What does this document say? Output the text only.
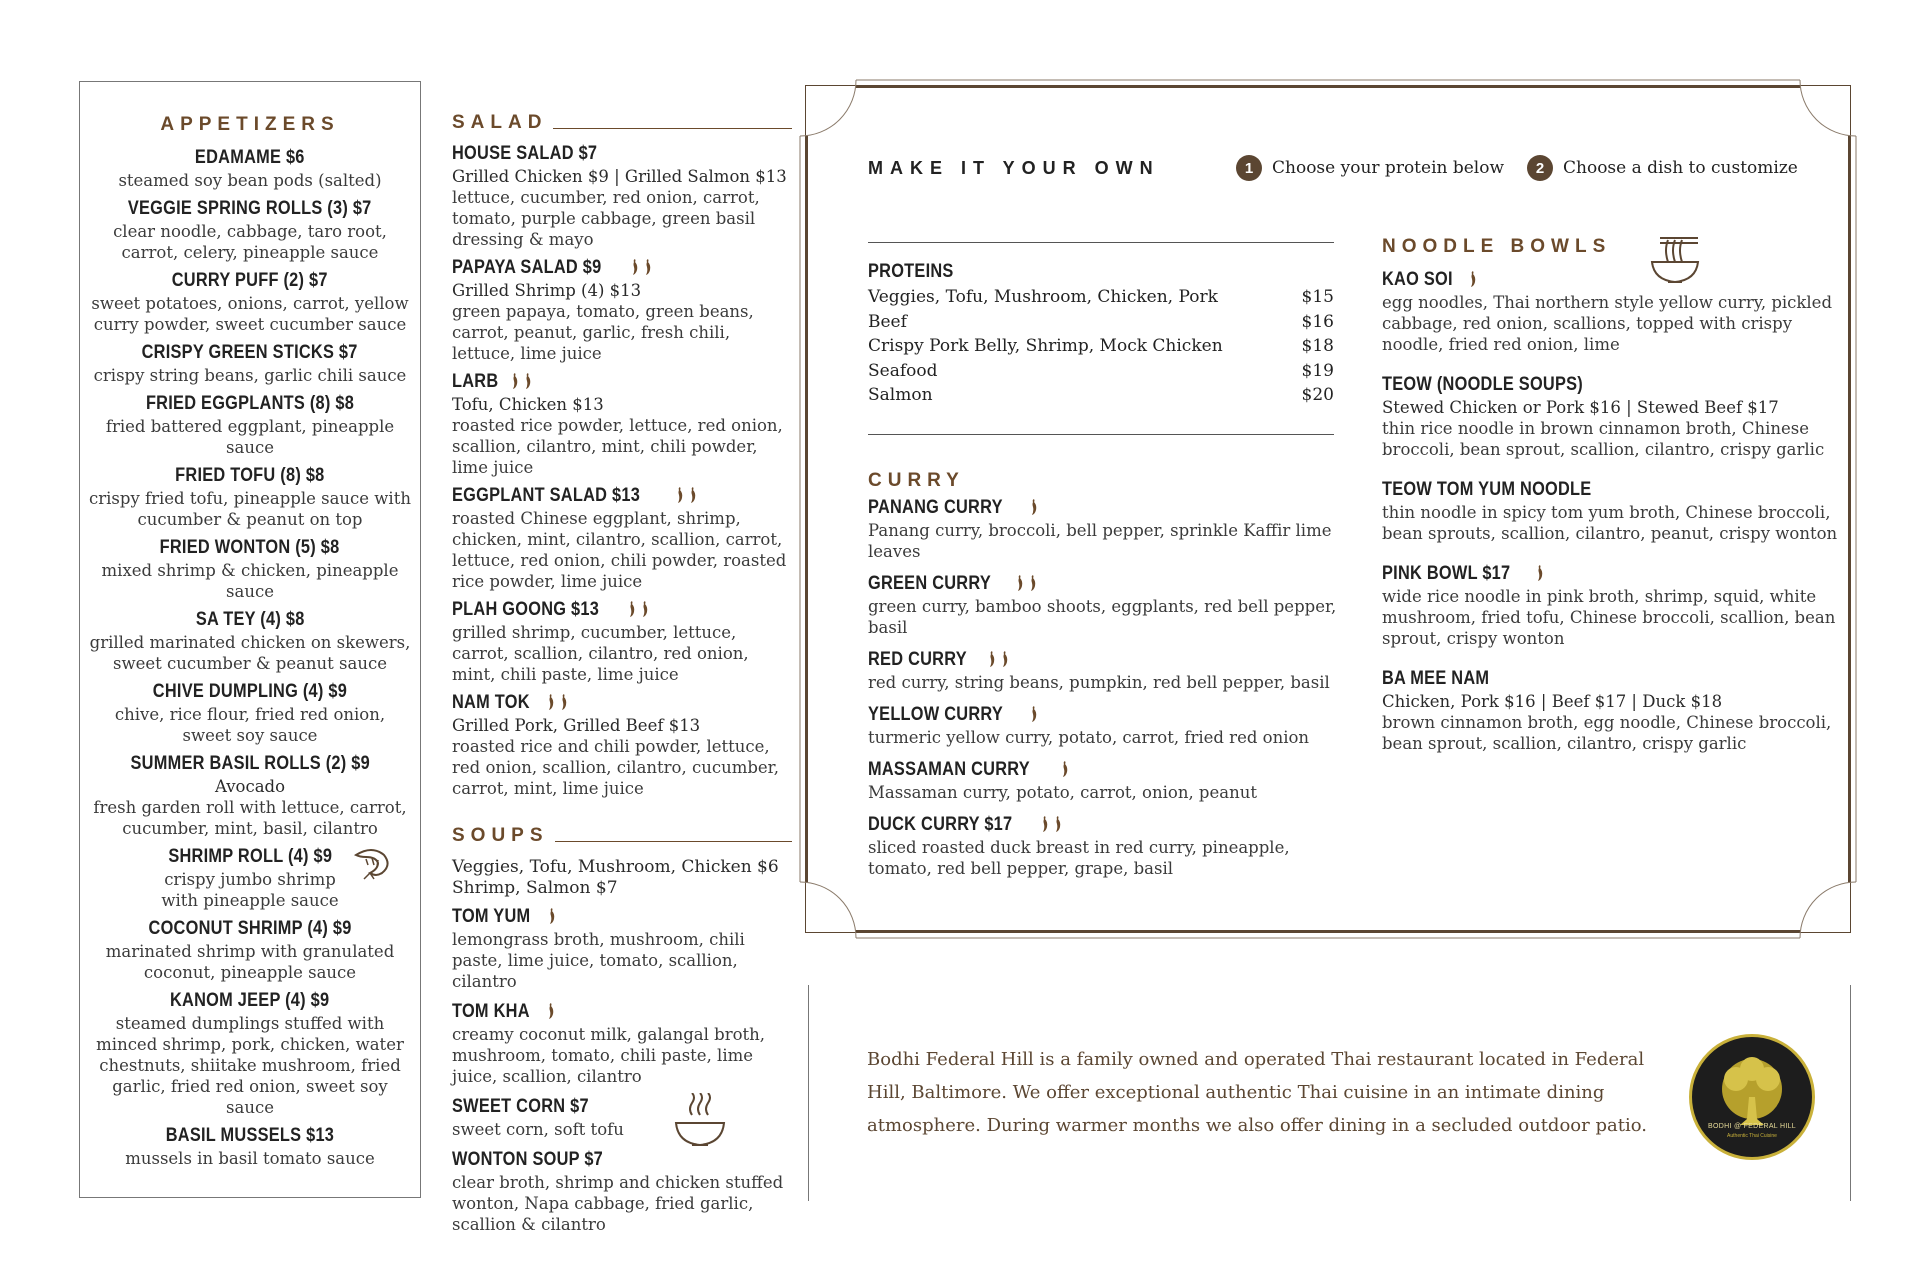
APPETIZERS
EDAMAME $6
steamed soy bean pods (salted)
VEGGIE SPRING ROLLS (3) $7
clear noodle, cabbage, taro root, carrot, celery, pineapple sauce
CURRY PUFF (2) $7
sweet potatoes, onions, carrot, yellow curry powder, sweet cucumber sauce
CRISPY GREEN STICKS $7
crispy string beans, garlic chili sauce
FRIED EGGPLANTS (8) $8
fried battered eggplant, pineapple sauce
FRIED TOFU (8) $8
crispy fried tofu, pineapple sauce with cucumber & peanut on top
FRIED WONTON (5) $8
mixed shrimp & chicken, pineapple sauce
SA TEY (4) $8
grilled marinated chicken on skewers, sweet cucumber & peanut sauce
CHIVE DUMPLING (4) $9
chive, rice flour, fried red onion, sweet soy sauce
SUMMER BASIL ROLLS (2) $9
Avocado
fresh garden roll with lettuce, carrot, cucumber, mint, basil, cilantro
SHRIMP ROLL (4) $9
crispy jumbo shrimp with pineapple sauce
COCONUT SHRIMP (4) $9
marinated shrimp with granulated coconut, pineapple sauce
KANOM JEEP (4) $9
steamed dumplings stuffed with minced shrimp, pork, chicken, water chestnuts, shiitake mushroom, fried garlic, fried red onion, sweet soy sauce
BASIL MUSSELS $13
mussels in basil tomato sauce
SALAD
HOUSE SALAD $7
Grilled Chicken $9 | Grilled Salmon $13
lettuce, cucumber, red onion, carrot, tomato, purple cabbage, green basil dressing & mayo
PAPAYA SALAD $9
Grilled Shrimp (4) $13
green papaya, tomato, green beans, carrot, peanut, garlic, fresh chili, lettuce, lime juice
LARB
Tofu, Chicken $13
roasted rice powder, lettuce, red onion, scallion, cilantro, mint, chili powder, lime juice
EGGPLANT SALAD $13
roasted Chinese eggplant, shrimp, chicken, mint, cilantro, scallion, carrot, lettuce, red onion, chili powder, roasted rice powder, lime juice
PLAH GOONG $13
grilled shrimp, cucumber, lettuce, carrot, scallion, cilantro, red onion, mint, chili paste, lime juice
NAM TOK
Grilled Pork, Grilled Beef $13
roasted rice and chili powder, lettuce, red onion, scallion, cilantro, cucumber, carrot, mint, lime juice
SOUPS
Veggies, Tofu, Mushroom, Chicken $6
Shrimp, Salmon $7
TOM YUM
lemongrass broth, mushroom, chili paste, lime juice, tomato, scallion, cilantro
TOM KHA
creamy coconut milk, galangal broth, mushroom, tomato, chili paste, lime juice, scallion, cilantro
SWEET CORN $7
sweet corn, soft tofu
WONTON SOUP $7
clear broth, shrimp and chicken stuffed wonton, Napa cabbage, fried garlic, scallion & cilantro
MAKE IT YOUR OWN	1	Choose your protein below	2	Choose a dish to customize
PROTEINS
Veggies, Tofu, Mushroom, Chicken, Pork	$15
Beef	$16
Crispy Pork Belly, Shrimp, Mock Chicken	$18
Seafood	$19
Salmon	$20
CURRY
PANANG CURRY
Panang curry, broccoli, bell pepper, sprinkle Kaffir lime leaves
GREEN CURRY
green curry, bamboo shoots, eggplants, red bell pepper, basil
RED CURRY
red curry, string beans, pumpkin, red bell pepper, basil
YELLOW CURRY
turmeric yellow curry, potato, carrot, fried red onion
MASSAMAN CURRY
Massaman curry, potato, carrot, onion, peanut
DUCK CURRY $17
sliced roasted duck breast in red curry, pineapple, tomato, red bell pepper, grape, basil
NOODLE BOWLS
KAO SOI
egg noodles, Thai northern style yellow curry, pickled cabbage, red onion, scallions, topped with crispy noodle, fried red onion, lime
TEOW (NOODLE SOUPS)
Stewed Chicken or Pork $16 | Stewed Beef $17
thin rice noodle in brown cinnamon broth, Chinese broccoli, bean sprout, scallion, cilantro, crispy garlic
TEOW TOM YUM NOODLE
thin noodle in spicy tom yum broth, Chinese broccoli, bean sprouts, scallion, cilantro, peanut, crispy wonton
PINK BOWL $17
wide rice noodle in pink broth, shrimp, squid, white mushroom, fried tofu, Chinese broccoli, scallion, bean sprout, crispy wonton
BA MEE NAM
Chicken, Pork $16 | Beef $17 | Duck $18
brown cinnamon broth, egg noodle, Chinese broccoli, bean sprout, scallion, cilantro, crispy garlic
Bodhi Federal Hill is a family owned and operated Thai restaurant located in Federal Hill, Baltimore. We offer exceptional authentic Thai cuisine in an intimate dining atmosphere. During warmer months we also offer dining in a secluded outdoor patio.	BODHI @ FEDERAL HILL
Authentic Thai Cuisine
